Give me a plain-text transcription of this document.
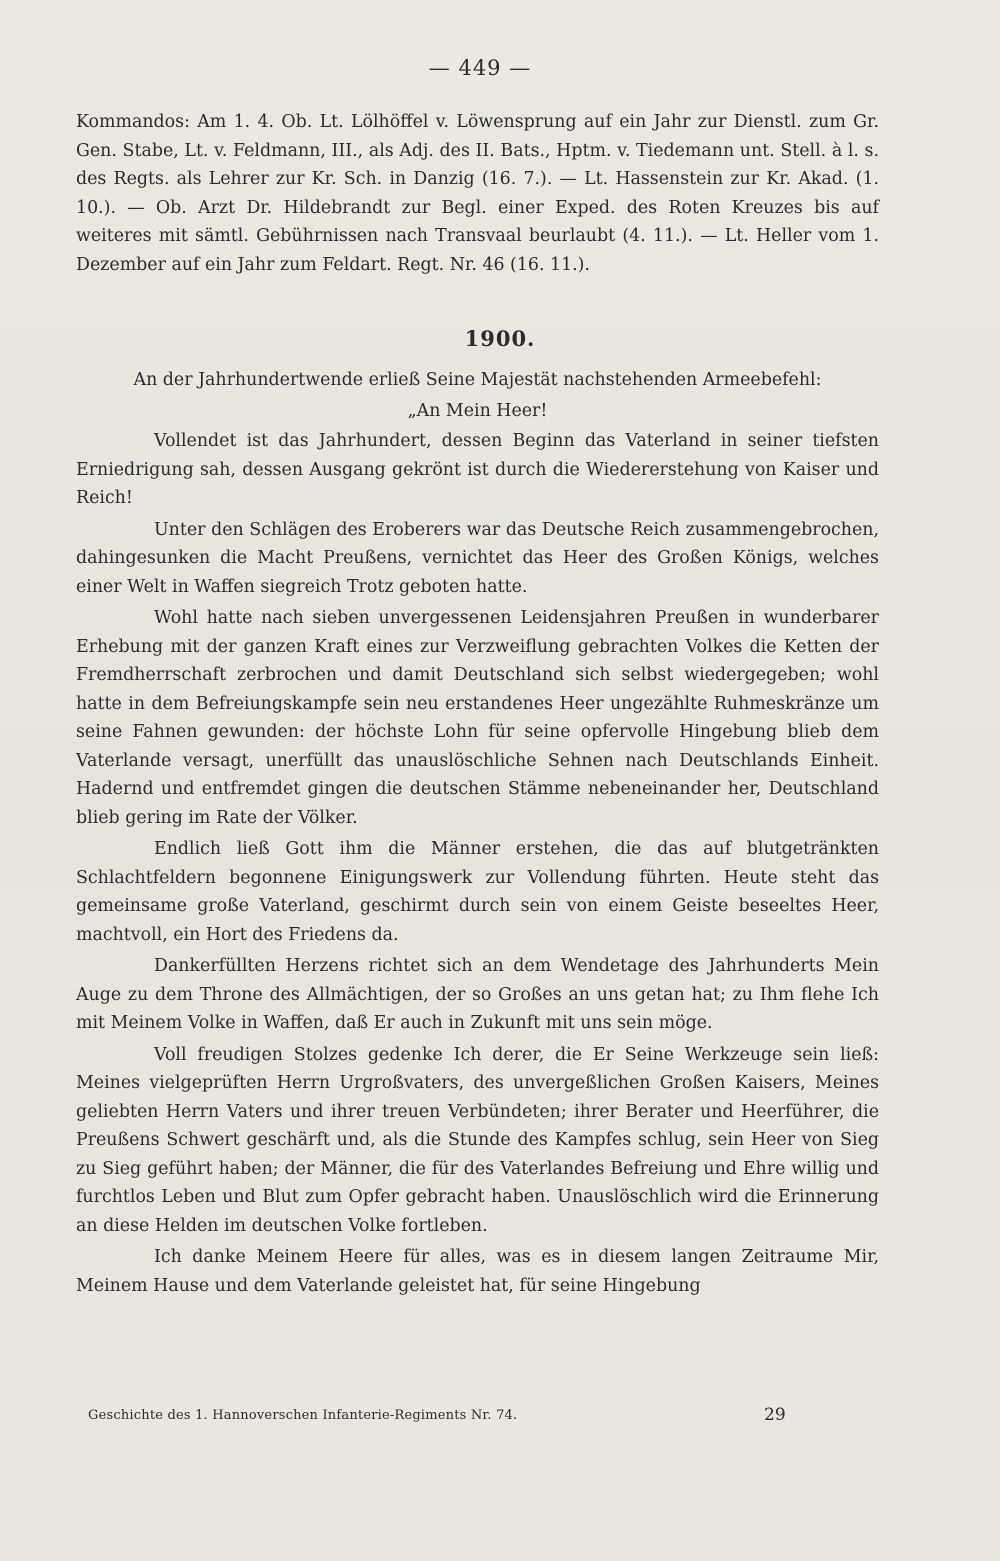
— 449 —

Kommandos: Am 1. 4. Ob. Lt. Lölhöffel v. Löwensprung auf ein Jahr zur Dienstl. zum Gr. Gen. Stabe, Lt. v. Feldmann, III., als Adj. des II. Bats., Hptm. v. Tiedemann unt. Stell. à l. s. des Regts. als Lehrer zur Kr. Sch. in Danzig (16. 7.). — Lt. Hassenstein zur Kr. Akad. (1. 10.). — Ob. Arzt Dr. Hildebrandt zur Begl. einer Exped. des Roten Kreuzes bis auf weiteres mit sämtl. Gebührnissen nach Transvaal beurlaubt (4. 11.). — Lt. Heller vom 1. Dezember auf ein Jahr zum Feldart. Regt. Nr. 46 (16. 11.).

1900.
An der Jahrhundertwende erließ Seine Majestät nachstehenden Armeebefehl:
„An Mein Heer!

Vollendet ist das Jahrhundert, dessen Beginn das Vaterland in seiner tiefsten Erniedrigung sah, dessen Ausgang gekrönt ist durch die Wiedererstehung von Kaiser und Reich!

Unter den Schlägen des Eroberers war das Deutsche Reich zusammengebrochen, dahingesunken die Macht Preußens, vernichtet das Heer des Großen Königs, welches einer Welt in Waffen siegreich Trotz geboten hatte.

Wohl hatte nach sieben unvergessenen Leidensjahren Preußen in wunderbarer Erhebung mit der ganzen Kraft eines zur Verzweiflung gebrachten Volkes die Ketten der Fremdherrschaft zerbrochen und damit Deutschland sich selbst wiedergegeben; wohl hatte in dem Befreiungskampfe sein neu erstandenes Heer ungezählte Ruhmeskränze um seine Fahnen gewunden: der höchste Lohn für seine opfervolle Hingebung blieb dem Vaterlande versagt, unerfüllt das unauslöschliche Sehnen nach Deutschlands Einheit. Hadernd und entfremdet gingen die deutschen Stämme nebeneinander her, Deutschland blieb gering im Rate der Völker.

Endlich ließ Gott ihm die Männer erstehen, die das auf blutgetränkten Schlachtfeldern begonnene Einigungswerk zur Vollendung führten. Heute steht das gemeinsame große Vaterland, geschirmt durch sein von einem Geiste beseeltes Heer, machtvoll, ein Hort des Friedens da.

Dankerfüllten Herzens richtet sich an dem Wendetage des Jahrhunderts Mein Auge zu dem Throne des Allmächtigen, der so Großes an uns getan hat; zu Ihm flehe Ich mit Meinem Volke in Waffen, daß Er auch in Zukunft mit uns sein möge.

Voll freudigen Stolzes gedenke Ich derer, die Er Seine Werkzeuge sein ließ: Meines vielgeprüften Herrn Urgroßvaters, des unvergeßlichen Großen Kaisers, Meines geliebten Herrn Vaters und ihrer treuen Verbündeten; ihrer Berater und Heerführer, die Preußens Schwert geschärft und, als die Stunde des Kampfes schlug, sein Heer von Sieg zu Sieg geführt haben; der Männer, die für des Vaterlandes Befreiung und Ehre willig und furchtlos Leben und Blut zum Opfer gebracht haben. Unauslöschlich wird die Erinnerung an diese Helden im deutschen Volke fortleben.

Ich danke Meinem Heere für alles, was es in diesem langen Zeitraume Mir, Meinem Hause und dem Vaterlande geleistet hat, für seine Hingebung

Geschichte des 1. Hannoverschen Infanterie-Regiments Nr. 74.	29
